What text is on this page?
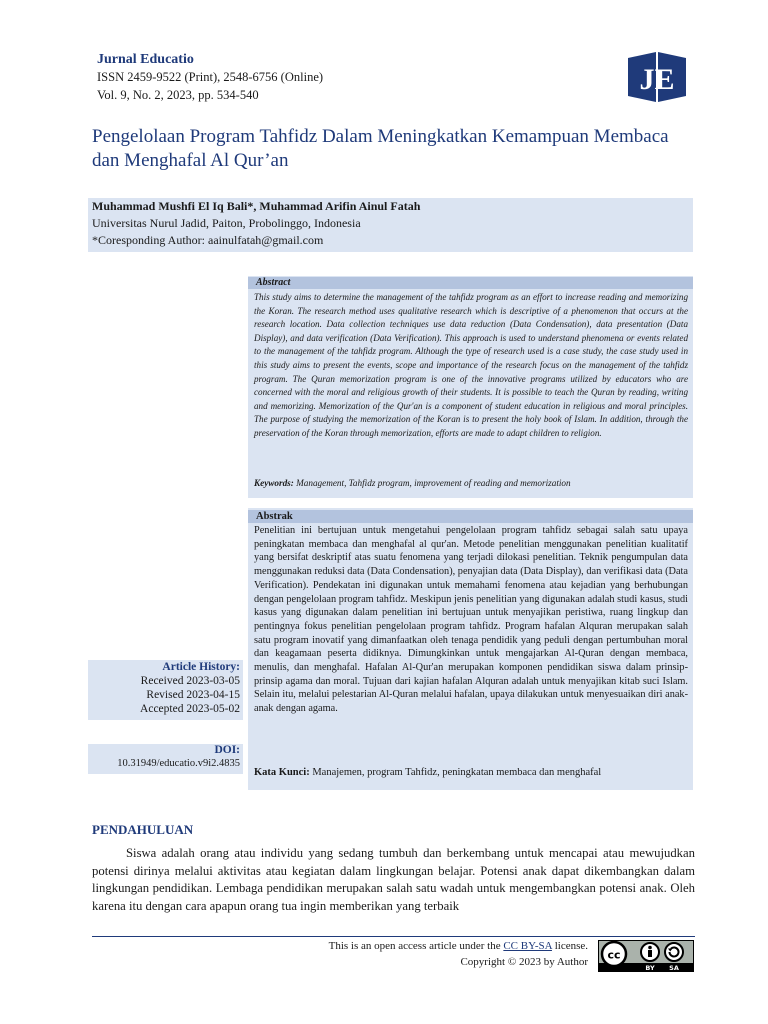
Jurnal Educatio
ISSN 2459-9522 (Print), 2548-6756 (Online)
Vol. 9, No. 2, 2023, pp. 534-540	JE
Pengelolaan Program Tahfidz Dalam Meningkatkan Kemampuan Membaca dan Menghafal Al Qur’an
Muhammad Mushfi El Iq Bali*, Muhammad Arifin Ainul Fatah
Universitas Nurul Jadid, Paiton, Probolinggo, Indonesia
*Coresponding Author: aainulfatah@gmail.com
Abstract
This study aims to determine the management of the tahfidz program as an effort to increase reading and memorizing the Koran. The research method uses qualitative research which is descriptive of a phenomenon that occurs at the research location. Data collection techniques use data reduction (Data Condensation), data presentation (Data Display), and data verification (Data Verification). This approach is used to understand phenomena or events related to the management of the tahfidz program. Although the type of research used is a case study, the case study used in this study aims to present the events, scope and importance of the research focus on the management of the tahfidz program. The Quran memorization program is one of the innovative programs utilized by educators who are concerned with the moral and religious growth of their students. It is possible to teach the Quran by reading, writing and memorizing. Memorization of the Qur'an is a component of student education in religious and moral principles. The purpose of studying the memorization of the Koran is to present the holy book of Islam. In addition, through the preservation of the Koran through memorization, efforts are made to adapt children to religion.
Keywords: Management, Tahfidz program, improvement of reading and memorization
Abstrak
Penelitian ini bertujuan untuk mengetahui pengelolaan program tahfidz sebagai salah satu upaya peningkatan membaca dan menghafal al qur'an. Metode penelitian menggunakan penelitian kualitatif yang bersifat deskriptif atas suatu fenomena yang terjadi dilokasi penelitian. Teknik pengumpulan data menggunakan reduksi data (Data Condensation), penyajian data (Data Display), dan verifikasi data (Data Verification). Pendekatan ini digunakan untuk memahami fenomena atau kejadian yang berhubungan dengan pengelolaan program tahfidz. Meskipun jenis penelitian yang digunakan adalah studi kasus, studi kasus yang digunakan dalam penelitian ini bertujuan untuk menyajikan peristiwa, ruang lingkup dan pentingnya fokus penelitian pengelolaan program tahfidz. Program hafalan Alquran merupakan salah satu program inovatif yang dimanfaatkan oleh tenaga pendidik yang peduli dengan pertumbuhan moral dan keagamaan peserta didiknya. Dimungkinkan untuk mengajarkan Al-Quran dengan membaca, menulis, dan menghafal. Hafalan Al-Qur'an merupakan komponen pendidikan siswa dalam prinsip-prinsip agama dan moral. Tujuan dari kajian hafalan Alquran adalah untuk menyajikan kitab suci Islam. Selain itu, melalui pelestarian Al-Quran melalui hafalan, upaya dilakukan untuk menyesuaikan diri anak-anak dengan agama.
Kata Kunci: Manajemen, program Tahfidz, peningkatan membaca dan menghafal
Article History:
Received 2023-03-05
Revised 2023-04-15
Accepted 2023-05-02
DOI:
10.31949/educatio.v9i2.4835
PENDAHULUAN

Siswa adalah orang atau individu yang sedang tumbuh dan berkembang untuk mencapai atau mewujudkan potensi dirinya melalui aktivitas atau kegiatan dalam lingkungan belajar. Potensi anak dapat dikembangkan dalam lingkungan pendidikan. Lembaga pendidikan merupakan salah satu wadah untuk mengembangkan potensi anak. Oleh karena itu dengan cara apapun orang tua ingin memberikan yang terbaik

This is an open access article under the CC BY-SA license.
Copyright © 2023 by Author
cc
BY SA
